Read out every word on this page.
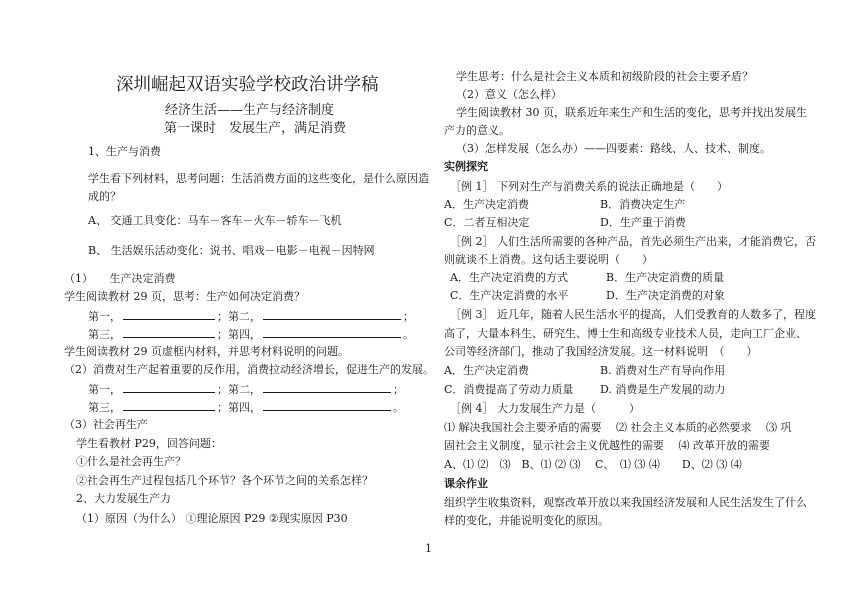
深圳崛起双语实验学校政治讲学稿
经济生活——生产与经济制度
第一课时　发展生产，满足消费
1、生产与消费
学生看下列材料，思考问题：生活消费方面的这些变化，是什么原因造
成的？
A、 交通工具变化：马车－客车－火车－轿车－飞机
B、 生活娱乐活动变化：说书、唱戏－电影－电视－因特网
（1）　　生产决定消费
学生阅读教材 29 页，思考：生产如何决定消费？
第一，	；第二，	；
第三，	；第四，	。
学生阅读教材 29 页虚框内材料，并思考材料说明的问题。
（2）消费对生产起着重要的反作用，消费拉动经济增长，促进生产的发展。
第一，	；第二，	；
第三，	；第四，	。
（3）社会再生产
学生看教材 P29，回答问题：
①什么是社会再生产？
②社会再生产过程包括几个环节？各个环节之间的关系怎样？
2、大力发展生产力
（1）原因（为什么） ①理论原因 P29 ②现实原因 P30
学生思考：什么是社会主义本质和初级阶段的社会主要矛盾？
（2）意义（怎么样）
学生阅读教材 30 页，联系近年来生产和生活的变化，思考并找出发展生
产力的意义。
（3）怎样发展（怎么办）——四要素：路线、人、技术、制度。
实例探究
［例 1］ 下列对生产与消费关系的说法正确地是（　　）
A．生产决定消费	B．消费决定生产
C．二者互相决定	D．生产重于消费
［例 2］ 人们生活所需要的各种产品，首先必须生产出来，才能消费它，否
则就谈不上消费。这句话主要说明（　　）
A．生产决定消费的方式	B．生产决定消费的质量
C．生产决定消费的水平	D．生产决定消费的对象
［例 3］ 近几年，随着人民生活水平的提高，人们受教育的人数多了，程度
高了，大量本科生、研究生、博士生和高级专业技术人员，走向工厂企业、
公司等经济部门，推动了我国经济发展。这一材料说明　（　　）
A．生产决定消费	B. 消费对生产有导向作用
C．消费提高了劳动力质量 D. 消费是生产发展的动力
［例 4］ 大力发展生产力是（　　　）
⑴ 解决我国社会主要矛盾的需要　 ⑵ 社会主义本质的必然要求　 ⑶ 巩
固社会主义制度，显示社会主义优越性的需要　 ⑷ 改革开放的需要
A、⑴ ⑵　⑶　B、⑴ ⑵ ⑶　 C、　⑴ ⑶ ⑷　　D、⑵ ⑶ ⑷
课余作业
组织学生收集资料，观察改革开放以来我国经济发展和人民生活发生了什么
样的变化，并能说明变化的原因。
1
